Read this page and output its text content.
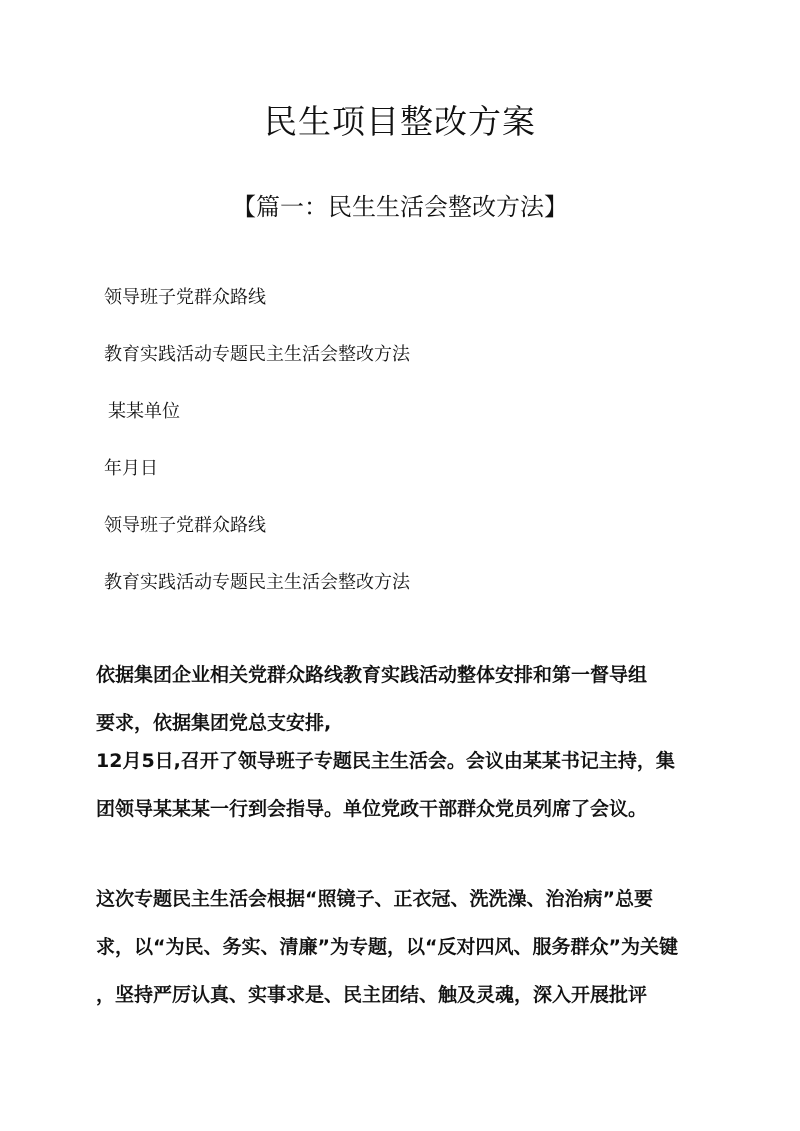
民生项目整改方案
【篇一：民生生活会整改方法】

领导班子党群众路线

教育实践活动专题民主生活会整改方法

某某单位

年月日

领导班子党群众路线

教育实践活动专题民主生活会整改方法

依据集团企业相关党群众路线教育实践活动整体安排和第一督导组

要求，依据集团党总支安排,

12月5日,召开了领导班子专题民主生活会。会议由某某书记主持，集

团领导某某某一行到会指导。单位党政干部群众党员列席了会议。

这次专题民主生活会根据“照镜子、正衣冠、洗洗澡、治治病”总要

求，以“为民、务实、清廉”为专题，以“反对四风、服务群众”为关键

，坚持严厉认真、实事求是、民主团结、触及灵魂，深入开展批评
